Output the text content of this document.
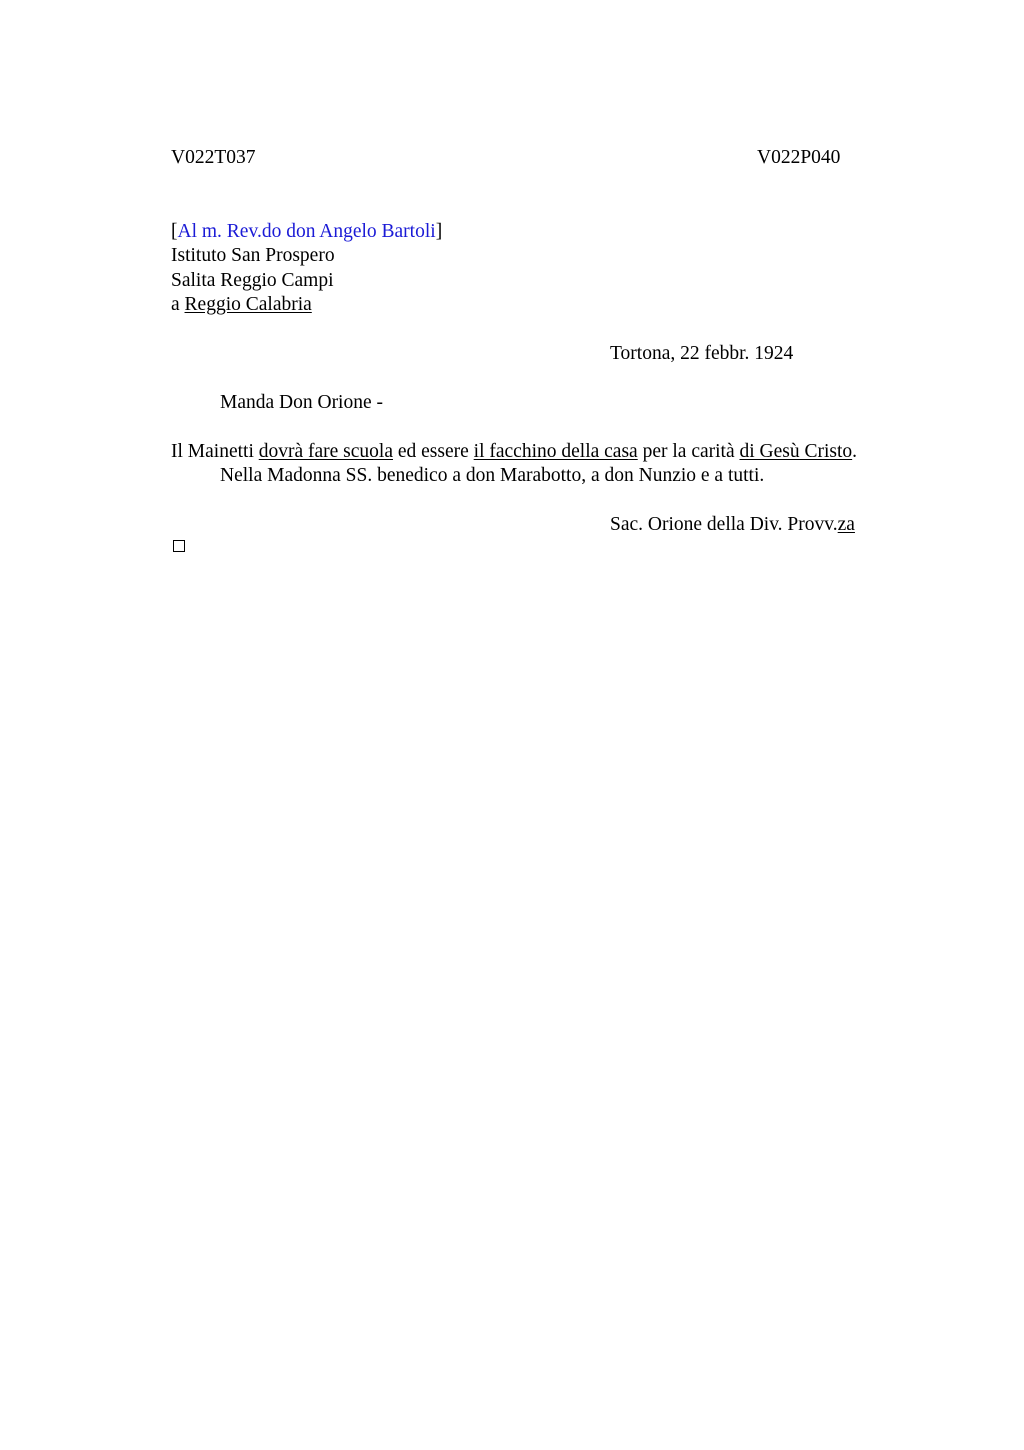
V022T037	V022P040
[Al m. Rev.do don Angelo Bartoli]
Istituto San Prospero
Salita Reggio Campi
a Reggio Calabria
Tortona, 22 febbr. 1924
Manda Don Orione -
Il Mainetti dovrà fare scuola ed essere il facchino della casa per la carità di Gesù Cristo.
Nella Madonna SS. benedico a don Marabotto, a don Nunzio e a tutti.
Sac. Orione della Div. Provv.za
